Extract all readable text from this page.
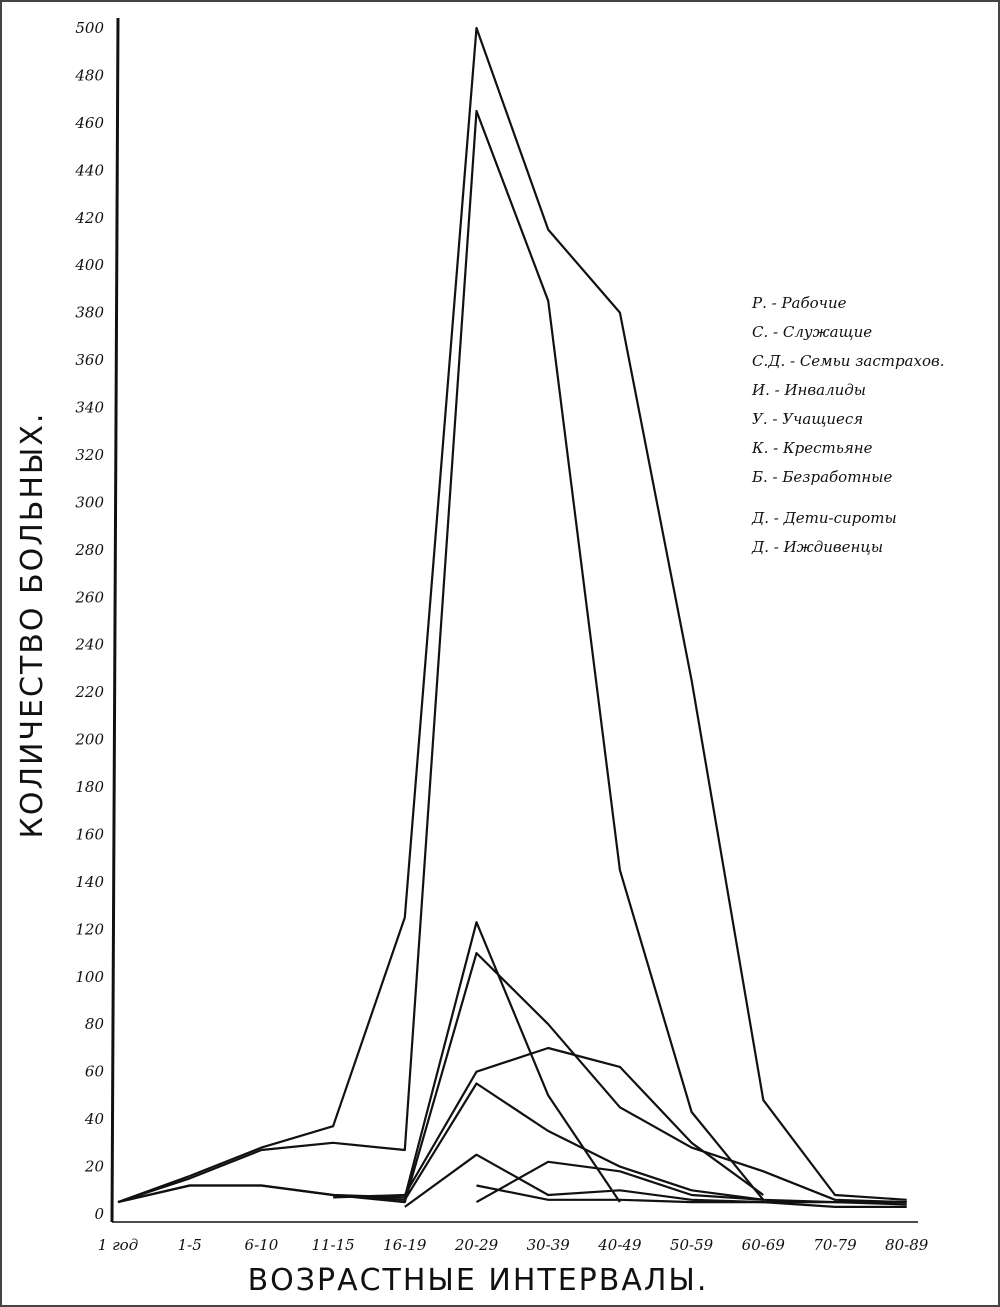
КОЛИЧЕСТВО БОЛЬНЫХ.
ВОЗРАСТНЫЕ ИНТЕРВАЛЫ.
0
20
40
60
80
100
120
140
160
180
200
220
240
260
280
300
320
340
360
380
400
420
440
460
480
500
1 год	1-5	6-10 11-15 16-19 20-29 30-39 40-49 50-59 60-69 70-79 80-89
Р. - Рабочие
С. - Служащие
С.Д. - Семьи застрахов.
И. - Инвалиды
У. - Учащиеся
К. - Крестьяне
Б. - Безработные
Д. - Дети-сироты
Д. - Иждивенцы
